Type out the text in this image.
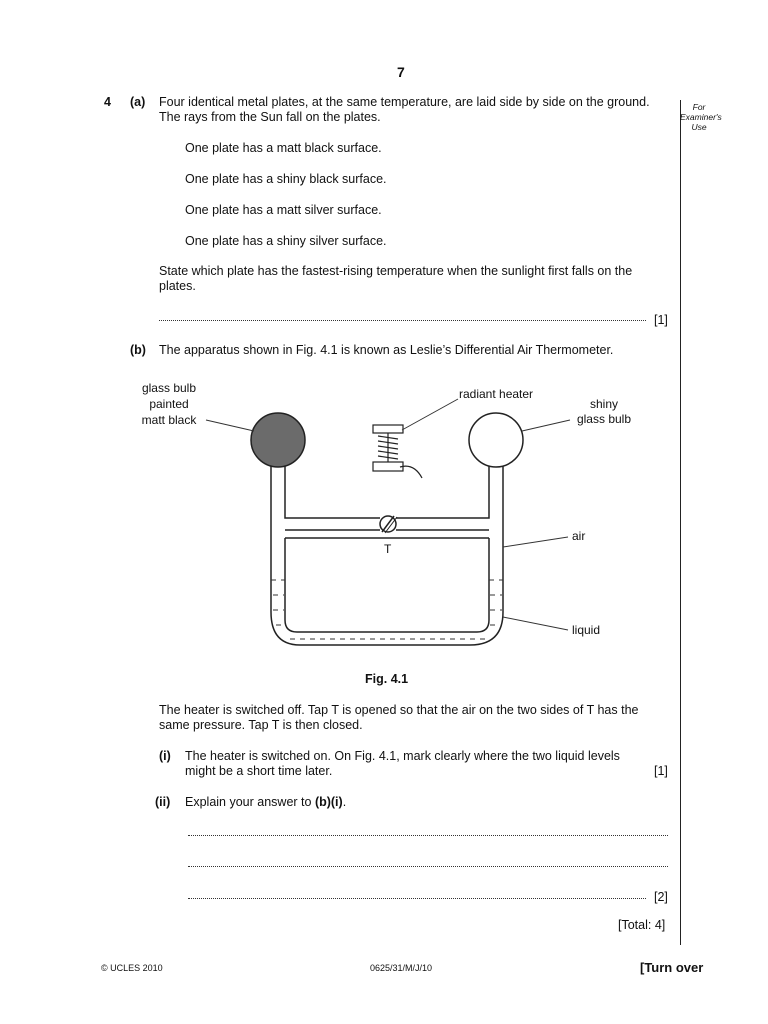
7
For Examiner's Use
4 (a) Four identical metal plates, at the same temperature, are laid side by side on the ground.
The rays from the Sun fall on the plates.
One plate has a matt black surface.
One plate has a shiny black surface.
One plate has a matt silver surface.
One plate has a shiny silver surface.
State which plate has the fastest-rising temperature when the sunlight first falls on the
plates.
[1]
(b) The apparatus shown in Fig. 4.1 is known as Leslie’s Differential Air Thermometer.
glass bulb
painted
matt black
radiant heater
shiny
glass bulb
air
T
liquid
Fig. 4.1
The heater is switched off. Tap T is opened so that the air on the two sides of T has the
same pressure. Tap T is then closed.
(i) The heater is switched on. On Fig. 4.1, mark clearly where the two liquid levels
might be a short time later.	[1]
(ii) Explain your answer to (b)(i).
[2]
[Total: 4]
© UCLES 2010	0625/31/M/J/10	[Turn over
